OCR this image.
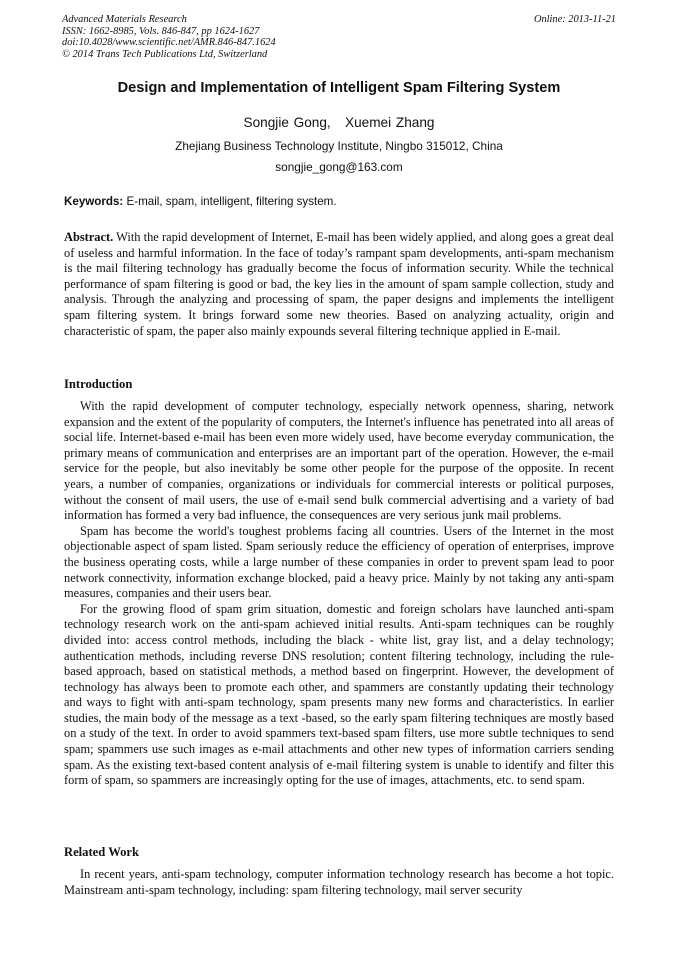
Advanced Materials Research
ISSN: 1662-8985, Vols. 846-847, pp 1624-1627
doi:10.4028/www.scientific.net/AMR.846-847.1624
© 2014 Trans Tech Publications Ltd, Switzerland
Online: 2013-11-21
Design and Implementation of Intelligent Spam Filtering System
Songjie Gong,   Xuemei Zhang
Zhejiang Business Technology Institute, Ningbo 315012, China
songjie_gong@163.com
Keywords: E-mail, spam, intelligent, filtering system.
Abstract. With the rapid development of Internet, E-mail has been widely applied, and along goes a great deal of useless and harmful information. In the face of today’s rampant spam developments, anti-spam mechanism is the mail filtering technology has gradually become the focus of information security. While the technical performance of spam filtering is good or bad, the key lies in the amount of spam sample collection, study and analysis. Through the analyzing and processing of spam, the paper designs and implements the intelligent spam filtering system. It brings forward some new theories. Based on analyzing actuality, origin and characteristic of spam, the paper also mainly expounds several filtering technique applied in E-mail.
Introduction

With the rapid development of computer technology, especially network openness, sharing, network expansion and the extent of the popularity of computers, the Internet's influence has penetrated into all areas of social life. Internet-based e-mail has been even more widely used, have become everyday communication, the primary means of communication and enterprises are an important part of the operation. However, the e-mail service for the people, but also inevitably be some other people for the purpose of the opposite. In recent years, a number of companies, organizations or individuals for commercial interests or political purposes, without the consent of mail users, the use of e-mail send bulk commercial advertising and a variety of bad information has formed a very bad influence, the consequences are very serious junk mail problems.

Spam has become the world's toughest problems facing all countries. Users of the Internet in the most objectionable aspect of spam listed. Spam seriously reduce the efficiency of operation of enterprises, improve the business operating costs, while a large number of these companies in order to prevent spam lead to poor network connectivity, information exchange blocked, paid a heavy price. Mainly by not taking any anti-spam measures, companies and their users bear.

For the growing flood of spam grim situation, domestic and foreign scholars have launched anti-spam technology research work on the anti-spam achieved initial results. Anti-spam techniques can be roughly divided into: access control methods, including the black - white list, gray list, and a delay technology; authentication methods, including reverse DNS resolution; content filtering technology, including the rule-based approach, based on statistical methods, a method based on fingerprint. However, the development of technology has always been to promote each other, and spammers are constantly updating their technology and ways to fight with anti-spam technology, spam presents many new forms and characteristics. In earlier studies, the main body of the message as a text -based, so the early spam filtering techniques are mostly based on a study of the text. In order to avoid spammers text-based spam filters, use more subtle techniques to send spam; spammers use such images as e-mail attachments and other new types of information carriers sending spam. As the existing text-based content analysis of e-mail filtering system is unable to identify and filter this form of spam, so spammers are increasingly opting for the use of images, attachments, etc. to send spam.

Related Work

In recent years, anti-spam technology, computer information technology research has become a hot topic. Mainstream anti-spam technology, including: spam filtering technology, mail server security
